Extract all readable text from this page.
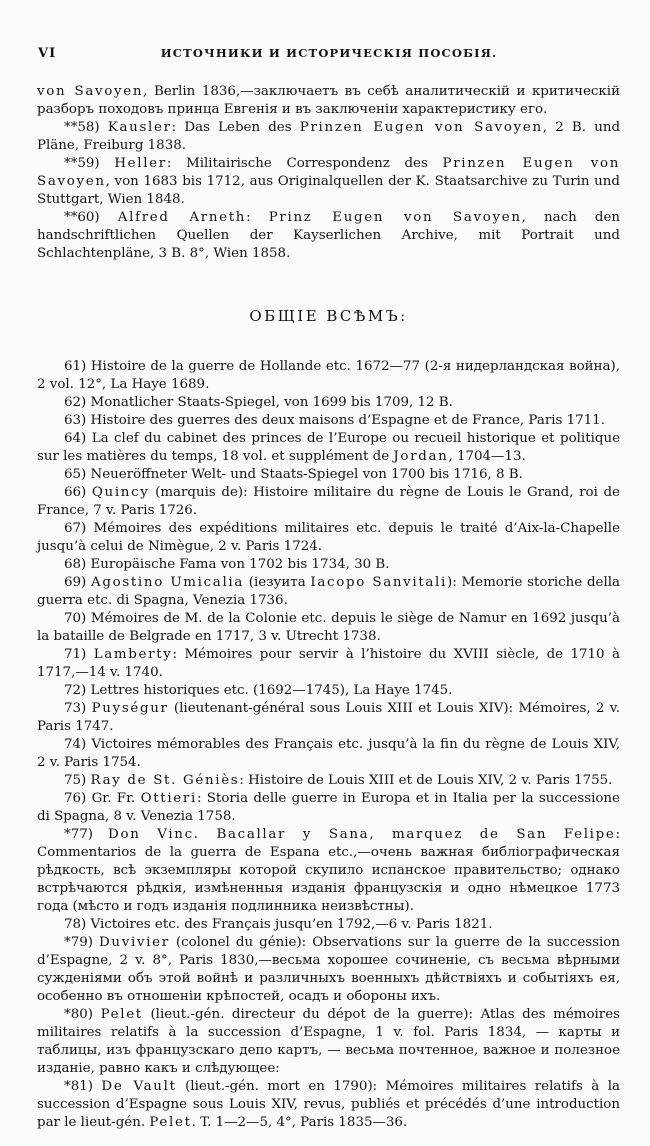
VI	ИСТОЧНИКИ И ИСТОРИЧЕСКІЯ ПОСОБІЯ.

von Savoyen, Berlin 1836,—заключаетъ въ себѣ аналитическій и критическій разборъ походовъ принца Евгенія и въ заключеніи характеристику его.

**58) Kausler: Das Leben des Prinzen Eugen von Savoyen, 2 B. und Pläne, Freiburg 1838.

**59) Heller: Militairische Correspondenz des Prinzen Eugen von Savoyen, von 1683 bis 1712, aus Originalquellen der K. Staatsarchive zu Turin und Stuttgart, Wien 1848.

**60) Alfred Arneth: Prinz Eugen von Savoyen, nach den handschriftlichen Quellen der Kayserlichen Archive, mit Portrait und Schlachtenpläne, 3 B. 8°, Wien 1858.

ОБЩІЕ ВСѢМЪ:

61) Histoire de la guerre de Hollande etc. 1672—77 (2-я нидерландская война), 2 vol. 12°, La Haye 1689.

62) Monatlicher Staats-Spiegel, von 1699 bis 1709, 12 B.

63) Histoire des guerres des deux maisons d’Espagne et de France, Paris 1711.

64) La clef du cabinet des princes de l’Europe ou recueil historique et politique sur les matières du temps, 18 vol. et supplément de Jordan, 1704—13.

65) Neueröffneter Welt- und Staats-Spiegel von 1700 bis 1716, 8 B.

66) Quincy (marquis de): Histoire militaire du règne de Louis le Grand, roi de France, 7 v. Paris 1726.

67) Mémoires des expéditions militaires etc. depuis le traité d’Aix-la-Chapelle jusqu’à celui de Nimègue, 2 v. Paris 1724.

68) Europäische Fama von 1702 bis 1734, 30 B.

69) Agostino Umicalia (іезуита Iacopo Sanvitali): Memorie storiche della guerra etc. di Spagna, Venezia 1736.

70) Mémoires de M. de la Colonie etc. depuis le siège de Namur en 1692 jusqu’à la bataille de Belgrade en 1717, 3 v. Utrecht 1738.

71) Lamberty: Mémoires pour servir à l’histoire du XVIII siècle, de 1710 à 1717,—14 v. 1740.

72) Lettres historiques etc. (1692—1745), La Haye 1745.

73) Puységur (lieutenant-général sous Louis XIII et Louis XIV): Mémoires, 2 v. Paris 1747.

74) Victoires mémorables des Français etc. jusqu’à la fin du règne de Louis XIV, 2 v. Paris 1754.

75) Ray de St. Géniès: Histoire de Louis XIII et de Louis XIV, 2 v. Paris 1755.

76) Gr. Fr. Ottieri: Storia delle guerre in Europa et in Italia per la successione di Spagna, 8 v. Venezia 1758.

*77) Don Vinc. Bacallar y Sana, marquez de San Felipe: Commentarios de la guerra de Espana etc.,—очень важная библіографическая рѣдкость, всѣ экземпляры которой скупило испанское правительство; однако встрѣчаются рѣдкія, измѣненныя изданія французскія и одно нѣмецкое 1773 года (мѣсто и годъ изданія подлинника неизвѣстны).

78) Victoires etc. des Français jusqu’en 1792,—6 v. Paris 1821.

*79) Duvivier (colonel du génie): Observations sur la guerre de la succession d’Espagne, 2 v. 8°, Paris 1830,—весьма хорошее сочиненіе, съ весьма вѣрными сужденіями объ этой войнѣ и различныхъ военныхъ дѣйствіяхъ и событіяхъ ея, особенно въ отношеніи крѣпостей, осадъ и обороны ихъ.

*80) Pelet (lieut.-gén. directeur du dépot de la guerre): Atlas des mémoires militaires relatifs à la succession d’Espagne, 1 v. fol. Paris 1834, — карты и таблицы, изъ французскаго депо картъ, — весьма почтенное, важное и полезное изданіе, равно какъ и слѣдующее:

*81) De Vault (lieut.-gén. mort en 1790): Mémoires militaires relatifs à la succession d’Espagne sous Louis XIV, revus, publiés et précédés d’une introduction par le lieut-gén. Pelet. T. 1—2—5, 4°, Paris 1835—36.
